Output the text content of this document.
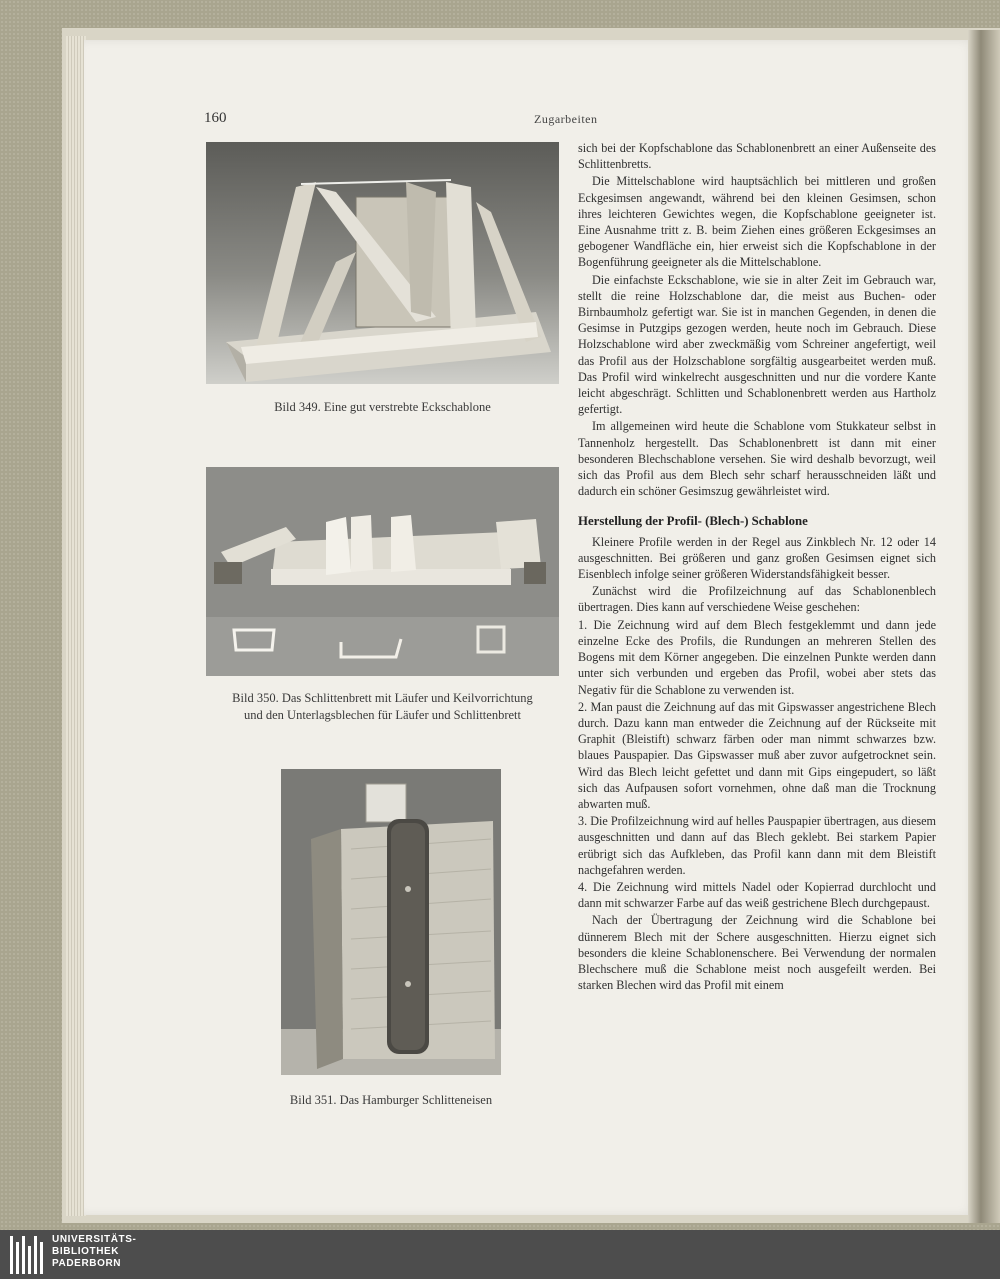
160	Zugarbeiten
Bild 349. Eine gut verstrebte Eckschablone
Bild 350. Das Schlittenbrett mit Läufer und Keilvorrichtung
und den Unterlagsblechen für Läufer und Schlittenbrett
Bild 351. Das Hamburger Schlitteneisen

sich bei der Kopfschablone das Schablonenbrett an einer Außenseite des Schlittenbretts.

Die Mittelschablone wird hauptsächlich bei mittleren und großen Eckgesimsen angewandt, während bei den kleinen Gesimsen, schon ihres leichteren Gewichtes wegen, die Kopfschablone geeigneter ist. Eine Ausnahme tritt z. B. beim Ziehen eines größeren Eckgesimses an gebogener Wandfläche ein, hier erweist sich die Kopfschablone in der Bogenführung geeigneter als die Mittelschablone.

Die einfachste Eckschablone, wie sie in alter Zeit im Gebrauch war, stellt die reine Holzschablone dar, die meist aus Buchen- oder Birnbaumholz gefertigt war. Sie ist in manchen Gegenden, in denen die Gesimse in Putzgips gezogen werden, heute noch im Gebrauch. Diese Holzschablone wird aber zweckmäßig vom Schreiner angefertigt, weil das Profil aus der Holzschablone sorgfältig ausgearbeitet werden muß. Das Profil wird winkelrecht ausgeschnitten und nur die vordere Kante leicht abgeschrägt. Schlitten und Schablonenbrett werden aus Hartholz gefertigt.

Im allgemeinen wird heute die Schablone vom Stukkateur selbst in Tannenholz hergestellt. Das Schablonenbrett ist dann mit einer besonderen Blechschablone versehen. Sie wird deshalb bevorzugt, weil sich das Profil aus dem Blech sehr scharf herausschneiden läßt und dadurch ein schöner Gesimszug gewährleistet wird.

Herstellung der Profil- (Blech-) Schablone

Kleinere Profile werden in der Regel aus Zinkblech Nr. 12 oder 14 ausgeschnitten. Bei größeren und ganz großen Gesimsen eignet sich Eisenblech infolge seiner größeren Widerstandsfähigkeit besser.

Zunächst wird die Profilzeichnung auf das Schablonenblech übertragen. Dies kann auf verschiedene Weise geschehen:

1. Die Zeichnung wird auf dem Blech festgeklemmt und dann jede einzelne Ecke des Profils, die Rundungen an mehreren Stellen des Bogens mit dem Körner angegeben. Die einzelnen Punkte werden dann unter sich verbunden und ergeben das Profil, wobei aber stets das Negativ für die Schablone zu verwenden ist.

2. Man paust die Zeichnung auf das mit Gipswasser angestrichene Blech durch. Dazu kann man entweder die Zeichnung auf der Rückseite mit Graphit (Bleistift) schwarz färben oder man nimmt schwarzes bzw. blaues Pauspapier. Das Gipswasser muß aber zuvor aufgetrocknet sein. Wird das Blech leicht gefettet und dann mit Gips eingepudert, so läßt sich das Aufpausen sofort vornehmen, ohne daß man die Trocknung abwarten muß.

3. Die Profilzeichnung wird auf helles Pauspapier übertragen, aus diesem ausgeschnitten und dann auf das Blech geklebt. Bei starkem Papier erübrigt sich das Aufkleben, das Profil kann dann mit dem Bleistift nachgefahren werden.

4. Die Zeichnung wird mittels Nadel oder Kopierrad durchlocht und dann mit schwarzer Farbe auf das weiß gestrichene Blech durchgepaust.

Nach der Übertragung der Zeichnung wird die Schablone bei dünnerem Blech mit der Schere ausgeschnitten. Hierzu eignet sich besonders die kleine Schablonenschere. Bei Verwendung der normalen Blechschere muß die Schablone meist noch ausgefeilt werden. Bei starken Blechen wird das Profil mit einem

UNIVERSITÄTS-
BIBLIOTHEK
PADERBORN
